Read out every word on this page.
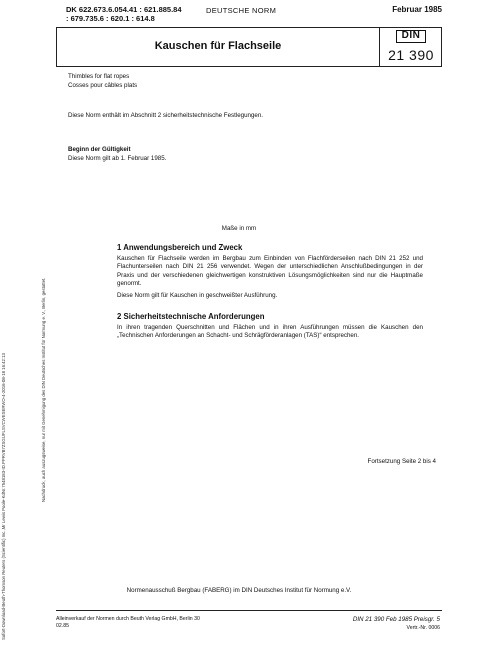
DK 622.673.6.054.41 : 621.885.84
: 679.735.6 : 620.1 : 614.8
DEUTSCHE NORM	Februar 1985
Kauschen für Flachseile
DIN
21 390
Thimbles for flat ropes
Cosses pour câbles plats
Diese Norm enthält im Abschnitt 2 sicherheitstechnische Festlegungen.
Beginn der Gültigkeit
Diese Norm gilt ab 1. Februar 1985.
Maße in mm
1 Anwendungsbereich und Zweck
Kauschen für Flachseile werden im Bergbau zum Einbinden von Flachförderseilen nach DIN 21 252 und Flachunterseilen nach DIN 21 256 verwendet. Wegen der unterschiedlichen Anschlußbedingungen in der Praxis und der verschiedenen gleichwertigen konstruktiven Lösungsmöglichkeiten sind nur die Hauptmaße genormt.
Diese Norm gilt für Kauschen in geschweißter Ausführung.
2 Sicherheitstechnische Anforderungen
In ihren tragenden Querschnitten und Flächen und in ihren Ausführungen müssen die Kauschen den „Technischen Anforderungen an Schacht- und Schrägförderanlagen (TAS)“ entsprechen.
Fortsetzung Seite 2 bis 4
Normenausschuß Bergbau (FABERG) im DIN Deutsches Institut für Normung e.V.
Alleinverkauf der Normen durch Beuth Verlag GmbH, Berlin 30
02.85
DIN 21 390 Feb 1985 Preisgr. 5
Vertr.-Nr. 0006
Sofort-Download-Beuth-Thomson Reuters (Scientific) Inc.,Mr Lewis Poole-KdNr.7548183-ID.PPRVB7ZSGUFLSVCWESERWO-4-2016-08-18 16:42:13	Nachdruck, auch auszugsweise, nur mit Genehmigung des DIN Deutsches Institut für Normung e. V., Berlin, gestattet.
